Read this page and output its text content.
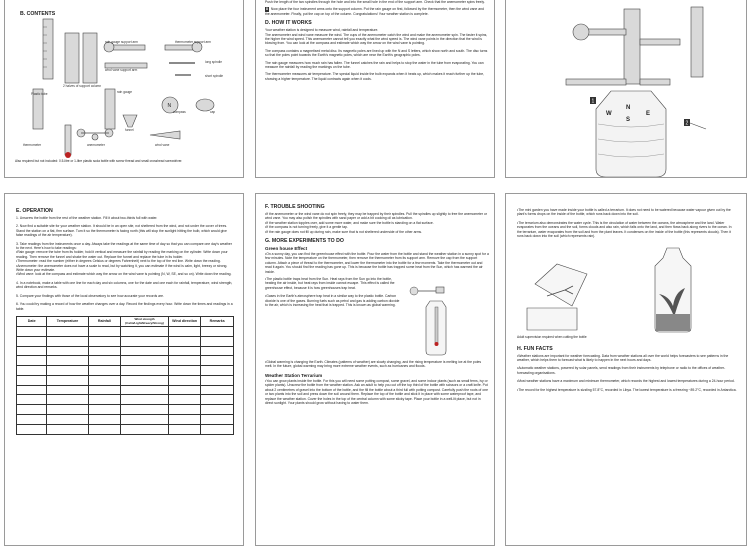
B. CONTENTS
N
rain gauge support arm	thermometer support arm
wind vane support arm
long spindle
short spindle
2 halves of support column
Plastic tube	rain gauge
compass	cap
funnel
wind vane
anemometer
thermometer

Also required but not included: 0.5-litre or 1-litre plastic soda bottle with screw thread and small crosshead screwdriver.

Push the length of the two spindles through the hole and into the small hole in the end of the support arm. Check that the anemometer spins freely.

8 Now place the four instrument arms onto the support column. Put the rain gauge on first, followed by the thermometer, then the wind vane and the anemometer. Finally, put the cap on top of the column. Congratulations! Your weather station is complete.

D. HOW IT WORKS

Your weather station is designed to measure wind, rainfall and temperature.

The anemometer and wind vane measure the wind. The cups of the anemometer catch the wind and make the anemometer spin. The faster it spins, the higher the wind speed. This anemometer cannot tell you exactly what the wind speed is. The wind vane points in the direction that the wind is blowing from. You can look at the compass and estimate which way the arrow on the wind vane is pointing.

The compass contains a magnetised metal disc. Its magnetic poles are lined up with the N and S letters, which show north and south. The disc turns so that the poles point towards the Earth's magnetic poles, which are near the Earth's geographic poles.

The rain gauge measures how much rain has fallen. The funnel catches the rain and helps to stop the water in the tube from evaporating. You can measure the rainfall by reading the markings on the tube.

The thermometer measures air temperature. The special liquid inside the bulb expands when it heats up, which makes it reach further up the tube, showing a higher temperature. The liquid contracts again when it cools.

N
E
S
W
1
2
E. OPERATION

1. Unscrew the bottle from the rest of the weather station. Fill it about two-thirds full with water.

2. Now find a suitable site for your weather station. It should be in an open site, not sheltered from the wind, and not under the cover of trees. Stand the station on a flat, firm surface. Turn it so the thermometer is facing north (this will stop the sunlight hitting the bulb, which would give false readings of the air temperature).

3. Take readings from the instruments once a day. Always take the readings at the same time of day so that you can compare one day's weather to the next. Here's how to take readings:

• Rain gauge: remove the tube from its holder, hold it vertical and measure the rainfall by reading the marking on the cylinder. Write down your reading. Then remove the funnel and shake the water out. Replace the funnel and replace the tube in its holder.
• Thermometer: read the number (either in degrees Celsius or degrees Fahrenheit) next to the top of the red line. Write down the reading.
• Anemometer: the anemometer does not have a scale to read, but by watching it, you can estimate if the wind is calm, light, breezy or strong. Write down your estimate.
• Wind vane: look at the compass and estimate which way the arrow on the wind vane is pointing (N, W, SE, and so on). Write down the reading.

4. In a notebook, make a table with one line for each day and six columns, one for the date and one each for rainfall, temperature, wind strength, wind direction and remarks.

5. Compare your findings with those of the local observatory to see how accurate your records are.

6. You could try making a record of how the weather changes over a day. Record the findings every hour. Write down the times and readings in a table.

Date	Temperature	Rainfall	Wind strength (Calm/Light/Breezy/Strong)	Wind direction	Remarks

F. TROUBLE SHOOTING
• If the anemometer or the wind vane do not spin freely, they may be trapped by their spindles. Pull the spindles up slightly to free the anemometer or wind vane. You may also polish the spindles with sand paper or add a bit cooking oil as lubrication.
• If the weather station topples over, add some more water, and make sure the bottle is standing on a flat surface.
• If the compass is not turning freely, give it a gentle tap.
• If the rain gauge does not fill up during rain, make sure that is not sheltered underside of the other arms.
G. MORE EXPERIMENTS TO DO
Green house Effect
• On a sunny day, you can find the greenhouse effect with the bottle. Pour the water from the bottle and stand the weather station in a sunny spot for a few minutes. Note the temperature on the thermometer, then remove the thermometer from its support arm. Remove the cap from the support column. Attach a piece of thread to the thermometer, and lower the thermometer into the bottle for a few moments. Take the thermometer out and read it again. You should find the reading has gone up. This is because the bottle has trapped some heat from the Sun, which has warmed the air inside.
• The plastic bottle traps heat from the Sun. Heat rays from the Sun go into the bottle, heating the air inside, but heat rays from inside cannot escape. This effect is called the greenhouse effect, because it is how greenhouses trap heat.
• Gases in the Earth's atmosphere trap heat in a similar way to the plastic bottle. Carbon dioxide is one of the gases. Burning fuels such as petrol and gas is adding carbon dioxide to the air, which is increasing the heat that is trapped. This is known as global warming.
• Global warming is changing the Earth. Climates (patterns of weather) are slowly changing, and the rising temperature is melting ice at the poles melt. In the future, global warming may bring more extreme weather events, such as hurricanes and floods.
Weather Station Terrarium
• You can grow plants inside the bottle. For this you will need some potting compost, some gravel, and some indoor plants (such as small ferns, ivy or spider plants). Unscrew the bottle from the weather station. Ask an adult to help you cut off the top third of the bottle with scissors or a craft knife. Put about 2 centimetres of gravel into the bottom of the bottle, and the fill the bottle about a third full with potting compost. Carefully push the roots of one or two plants into the soil and press down the soil around them. Replace the top of the bottle and stick it in place with some waterproof tape, and replace the weather station. Cover the holes in the top of the central column with some sticky tape. Place your bottle in a well-lit place, but not in direct sunlight. Your plants should grow without having to water them.
• The mini garden you have made inside your bottle is called a terrarium. It does not need to be watered because water vapour given out by the plant's forms drops on the inside of the bottle, which runs back down into the soil.
• The terrarium also demonstrates the water cycle. This is the circulation of water between the oceans, the atmosphere and the land. Water evaporates from the oceans and the soil, forms clouds and also rain, which falls onto the land, and then flows back along rivers to the ocean. In the terrarium, water evaporates from the soil and from the plant leaves. It condenses on the inside of the bottle (this represents clouds). Then it runs back down into the soil (which represents rain).

Adult supervision required when cutting the bottle

H. FUN FACTS
• Weather stations are important for weather forecasting. Data from weather stations all over the world helps forecasters to see patterns in the weather, which helps them to forecast what is likely to happen in the next hours and days.
• Automatic weather stations, powered by solar panels, send readings from their instruments by telephone or radio to the offices of weather-forecasting organisations.
• Most weather stations have a maximum and minimum thermometer, which records the highest and lowest temperatures during a 24-hour period.
• The record for the highest temperature is sizzling 57.8°C, recorded in Libya. The lowest temperature is a freezing −89.2°C, recorded in Antarctica.
